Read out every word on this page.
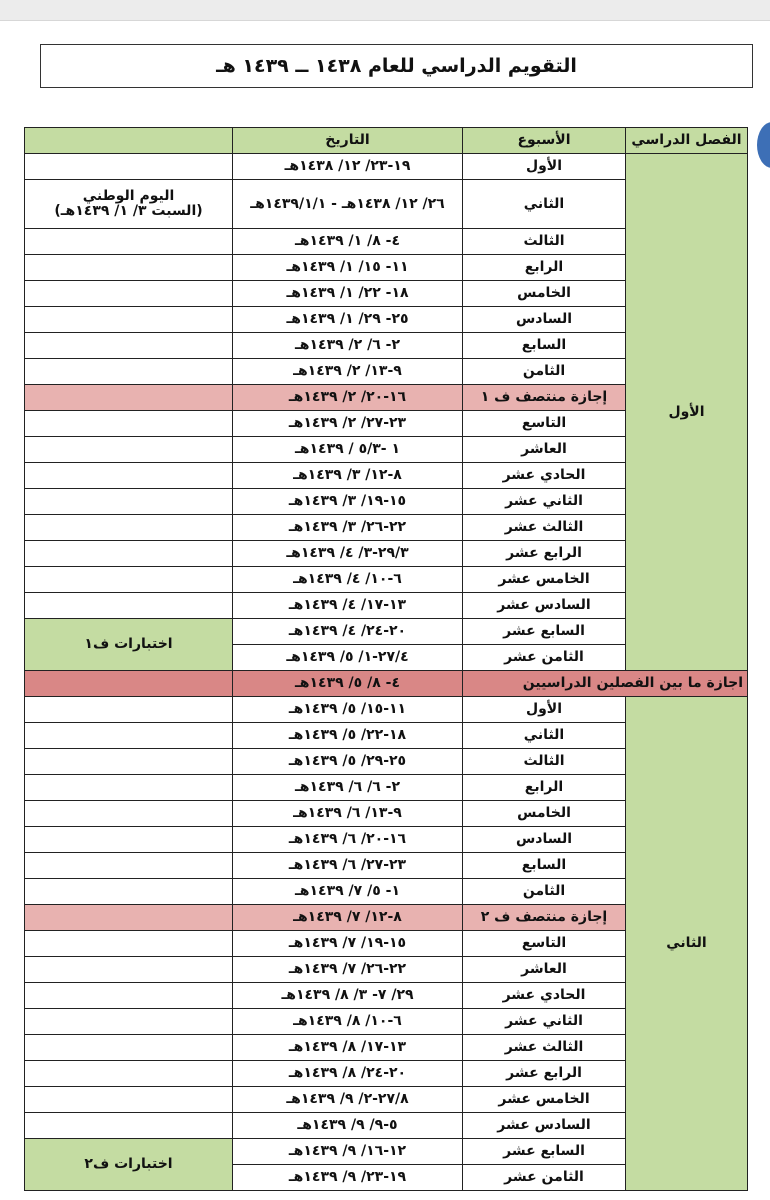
التقويم الدراسي للعام ١٤٣٨ ــ ١٤٣٩ هـ
الفصل الدراسي	الأسبوع	التاريخ	
الأول	الأول	١٩-٢٣/ ١٢/ ١٤٣٨هـ	
	الثاني	٢٦/ ١٢/ ١٤٣٨هـ - ١٤٣٩/١/١هـ	اليوم الوطني
(السبت ٣/ ١/ ١٤٣٩هـ)

	الثالث	٤- ٨/ ١/ ١٤٣٩هـ	
	الرابع	١١- ١٥/ ١/ ١٤٣٩هـ	
	الخامس	١٨- ٢٢/ ١/ ١٤٣٩هـ	
	السادس	٢٥- ٢٩/ ١/ ١٤٣٩هـ	
	السابع	٢- ٦/ ٢/ ١٤٣٩هـ	
	الثامن	٩-١٣/ ٢/ ١٤٣٩هـ	
	إجازة منتصف ف ١	١٦-٢٠/ ٢/ ١٤٣٩هـ	
	التاسع	٢٣-٢٧/ ٢/ ١٤٣٩هـ	
	العاشر	١ -٥/٣ / ١٤٣٩هـ	
	الحادي عشر	٨-١٢/ ٣/ ١٤٣٩هـ	
	الثاني عشر	١٥-١٩/ ٣/ ١٤٣٩هـ	
	الثالث عشر	٢٢-٢٦/ ٣/ ١٤٣٩هـ	
	الرابع عشر	٢٩/٣-٣/ ٤/ ١٤٣٩هـ	
	الخامس عشر	٦-١٠/ ٤/ ١٤٣٩هـ	
	السادس عشر	١٣-١٧/ ٤/ ١٤٣٩هـ	
	السابع عشر	٢٠-٢٤/ ٤/ ١٤٣٩هـ	اختبارات ف١
	الثامن عشر	٢٧/٤-١/ ٥/ ١٤٣٩هـ	
اجازة ما بين الفصلين الدراسيين		٤- ٨/ ٥/ ١٤٣٩هـ	
الثاني	الأول	١١-١٥/ ٥/ ١٤٣٩هـ	
	الثاني	١٨-٢٢/ ٥/ ١٤٣٩هـ	
	الثالث	٢٥-٢٩/ ٥/ ١٤٣٩هـ	
	الرابع	٢- ٦/ ٦/ ١٤٣٩هـ	
	الخامس	٩-١٣/ ٦/ ١٤٣٩هـ	
	السادس	١٦-٢٠/ ٦/ ١٤٣٩هـ	
	السابع	٢٣-٢٧/ ٦/ ١٤٣٩هـ	
	الثامن	١- ٥/ ٧/ ١٤٣٩هـ	
	إجازة منتصف ف ٢	٨-١٢/ ٧/ ١٤٣٩هـ	
	التاسع	١٥-١٩/ ٧/ ١٤٣٩هـ	
	العاشر	٢٢-٢٦/ ٧/ ١٤٣٩هـ	
	الحادي عشر	٢٩/ ٧- ٣/ ٨/ ١٤٣٩هـ	
	الثاني عشر	٦-١٠/ ٨/ ١٤٣٩هـ	
	الثالث عشر	١٣-١٧/ ٨/ ١٤٣٩هـ	
	الرابع عشر	٢٠-٢٤/ ٨/ ١٤٣٩هـ	
	الخامس عشر	٢٧/٨-٢/ ٩/ ١٤٣٩هـ	
	السادس عشر	٥-٩/ ٩/ ١٤٣٩هـ	
	السابع عشر	١٢-١٦/ ٩/ ١٤٣٩هـ	اختبارات ف٢
	الثامن عشر	١٩-٢٣/ ٩/ ١٤٣٩هـ	
